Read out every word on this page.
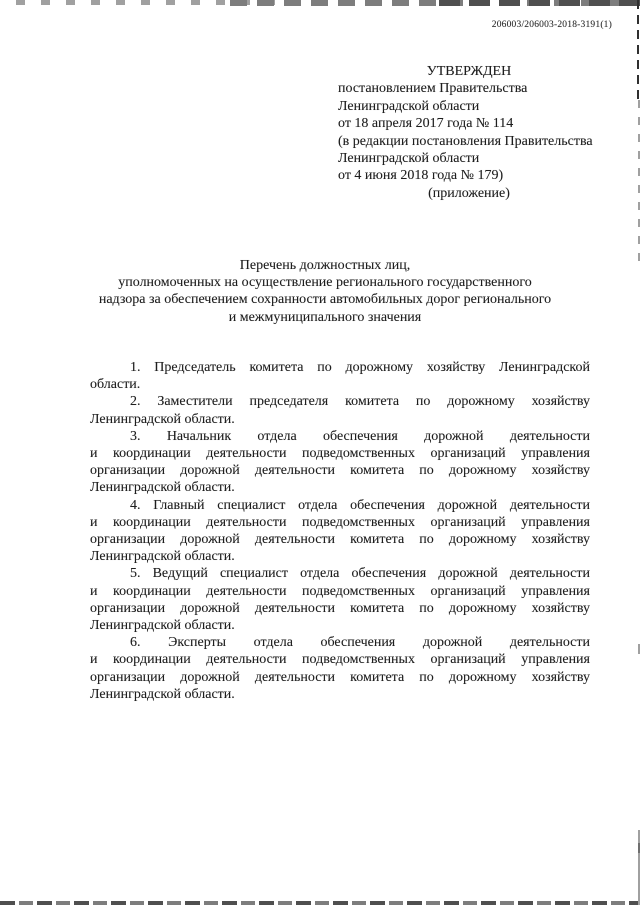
206003/206003-2018-3191(1)
УТВЕРЖДЕН
постановлением Правительства
Ленинградской области
от 18 апреля 2017 года № 114
(в редакции постановления Правительства
Ленинградской области
от 4 июня 2018 года № 179)
(приложение)
Перечень должностных лиц,
уполномоченных на осуществление регионального государственного
надзора за обеспечением сохранности автомобильных дорог регионального
и межмуниципального значения
1. Председатель комитета по дорожному хозяйству Ленинградской
области.
2. Заместители председателя комитета по дорожному хозяйству
Ленинградской области.
3. Начальник отдела обеспечения дорожной деятельности
и координации деятельности подведомственных организаций управления
организации дорожной деятельности комитета по дорожному хозяйству
Ленинградской области.
4. Главный специалист отдела обеспечения дорожной деятельности
и координации деятельности подведомственных организаций управления
организации дорожной деятельности комитета по дорожному хозяйству
Ленинградской области.
5. Ведущий специалист отдела обеспечения дорожной деятельности
и координации деятельности подведомственных организаций управления
организации дорожной деятельности комитета по дорожному хозяйству
Ленинградской области.
6. Эксперты отдела обеспечения дорожной деятельности
и координации деятельности подведомственных организаций управления
организации дорожной деятельности комитета по дорожному хозяйству
Ленинградской области.
